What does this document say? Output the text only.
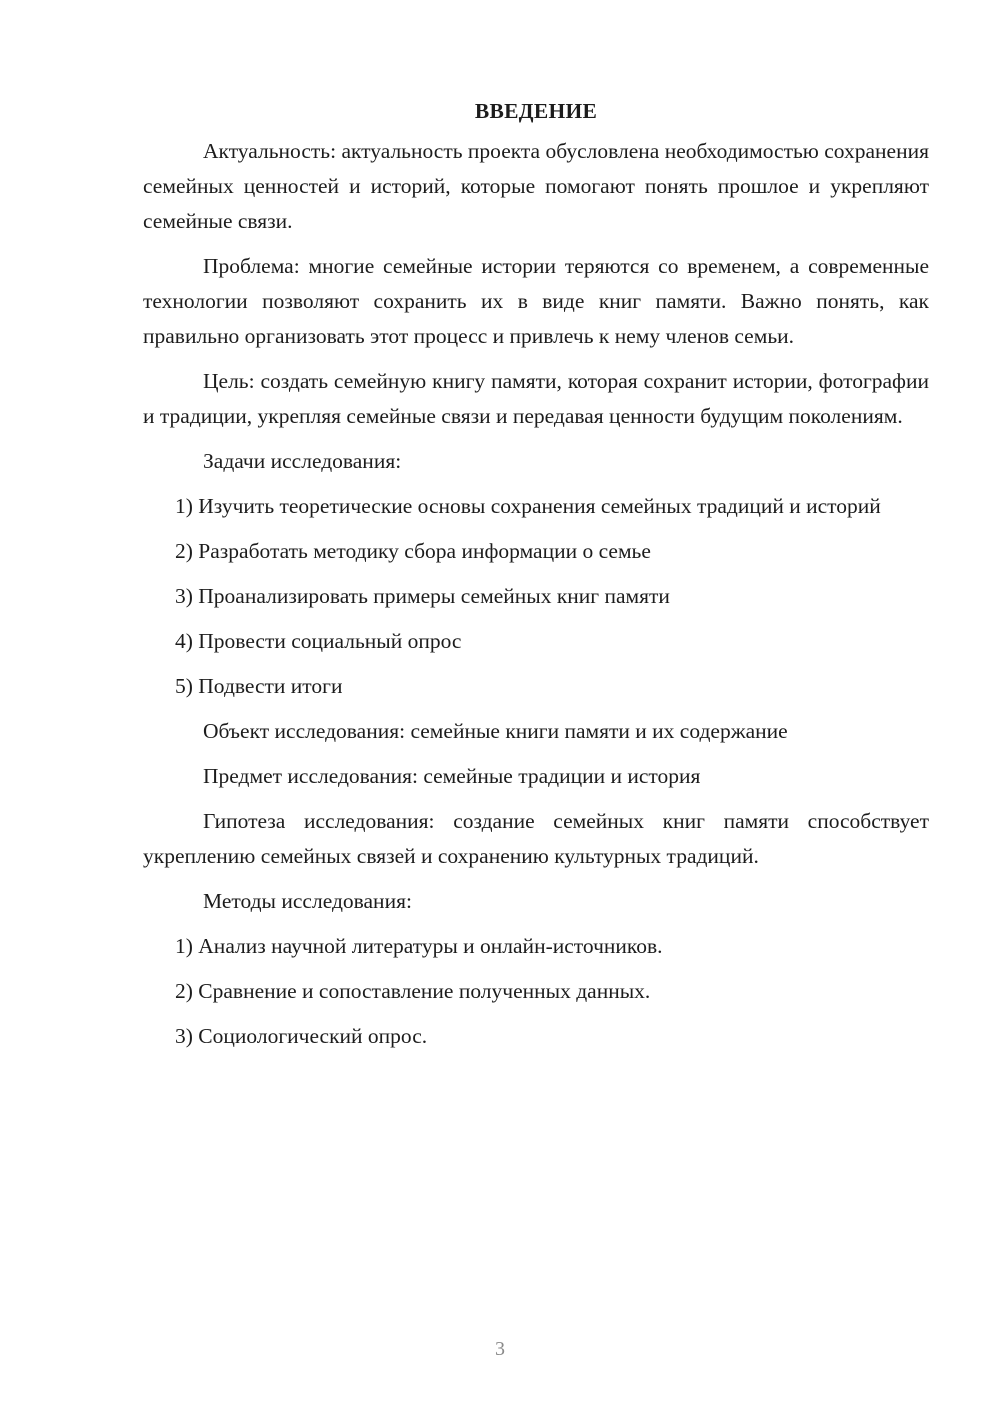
ВВЕДЕНИЕ

Актуальность: актуальность проекта обусловлена необходимостью сохранения семейных ценностей и историй, которые помогают понять прошлое и укрепляют семейные связи.

Проблема: многие семейные истории теряются со временем, а современные технологии позволяют сохранить их в виде книг памяти. Важно понять, как правильно организовать этот процесс и привлечь к нему членов семьи.

Цель: создать семейную книгу памяти, которая сохранит истории, фотографии и традиции, укрепляя семейные связи и передавая ценности будущим поколениям.

Задачи исследования:

1) Изучить теоретические основы сохранения семейных традиций и историй
2) Разработать методику сбора информации о семье
3) Проанализировать примеры семейных книг памяти
4) Провести социальный опрос
5) Подвести итоги

Объект исследования: семейные книги памяти и их содержание

Предмет исследования: семейные традиции и история

Гипотеза исследования: создание семейных книг памяти способствует укреплению семейных связей и сохранению культурных традиций.

Методы исследования:

1) Анализ научной литературы и онлайн-источников.
2) Сравнение и сопоставление полученных данных.
3) Социологический опрос.
3
